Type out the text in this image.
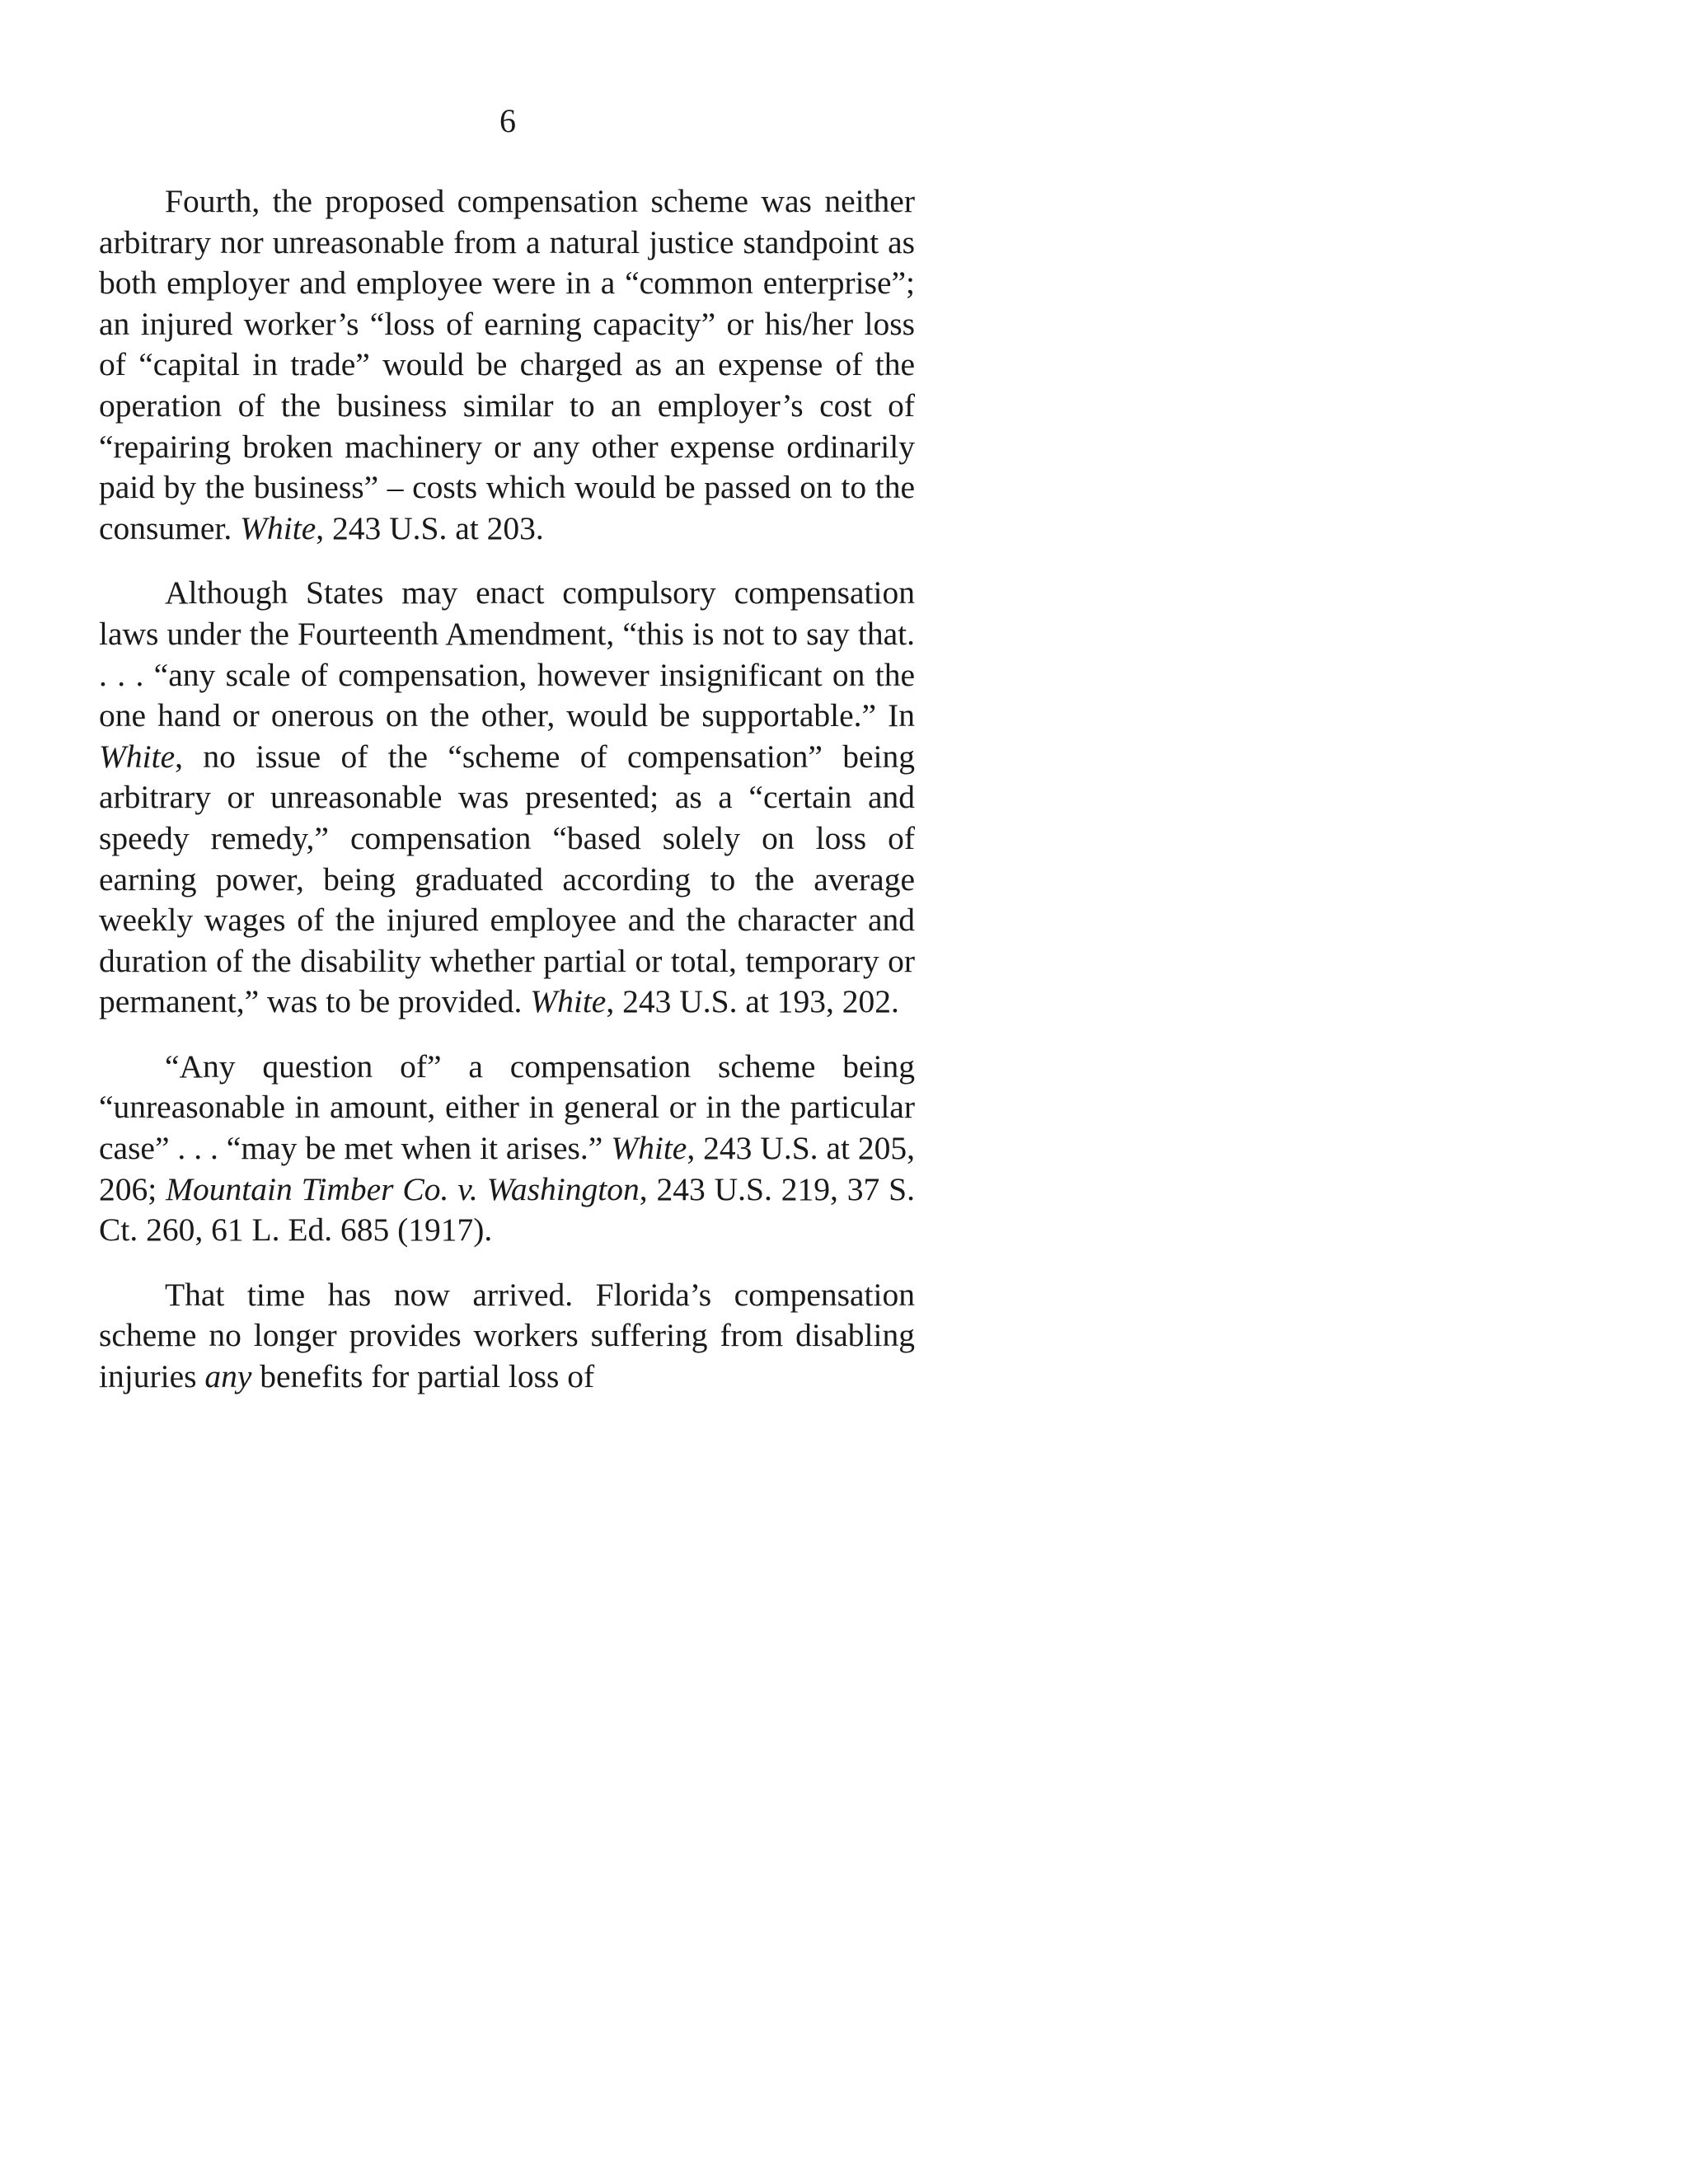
6

Fourth, the proposed compensation scheme was neither arbitrary nor unreasonable from a natural justice standpoint as both employer and employee were in a “common enterprise”; an injured worker’s “loss of earning capacity” or his/her loss of “capital in trade” would be charged as an expense of the operation of the business similar to an employer’s cost of “repairing broken machinery or any other expense ordinarily paid by the business” – costs which would be passed on to the consumer. White, 243 U.S. at 203.

Although States may enact compulsory compensation laws under the Fourteenth Amendment, “this is not to say that. . . . “any scale of compensation, however insignificant on the one hand or onerous on the other, would be supportable.” In White, no issue of the “scheme of compensation” being arbitrary or unreasonable was presented; as a “certain and speedy remedy,” compensation “based solely on loss of earning power, being graduated according to the average weekly wages of the injured employee and the character and duration of the disability whether partial or total, temporary or permanent,” was to be provided. White, 243 U.S. at 193, 202.

“Any question of” a compensation scheme being “unreasonable in amount, either in general or in the particular case” . . . “may be met when it arises.” White, 243 U.S. at 205, 206; Mountain Timber Co. v. Washington, 243 U.S. 219, 37 S. Ct. 260, 61 L. Ed. 685 (1917).

That time has now arrived. Florida’s compensation scheme no longer provides workers suffering from disabling injuries any benefits for partial loss of
